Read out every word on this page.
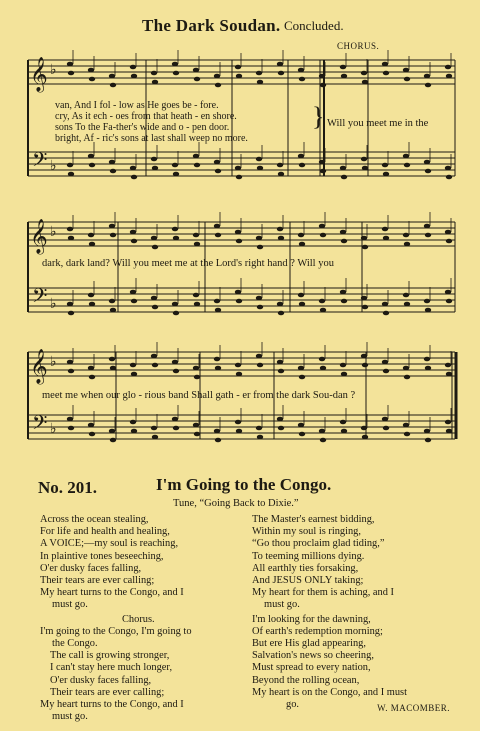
The Dark Soudan. Concluded.
CHORUS.
𝄞
𝄢
𝄞
𝄢
𝄞
𝄢
♭
♭
♭
♭
♭
♭
van, And I fol - low as He goes be - fore.
cry, As it ech - oes from that heath - en shore.
sons To the Fa-ther's wide and o - pen door.
bright, Af - ric's sons at last shall weep no more.
} Will you meet me in the
dark, dark land? Will you meet me at the Lord's right hand ? Will you
meet me when our glo - rious band Shall gath - er from the dark Sou-dan ?
No. 201.	I'm Going to the Congo.
Tune, “Going Back to Dixie.”
Across the ocean stealing,
For life and health and healing,
A VOICE;—my soul is reaching,
In plaintive tones beseeching,
O'er dusky faces falling,
Their tears are ever calling;
My heart turns to the Congo, and I
must go.
Chorus.
I'm going to the Congo, I'm going to
the Congo.
The call is growing stronger,
I can't stay here much longer,
O'er dusky faces falling,
Their tears are ever calling;
My heart turns to the Congo, and I
must go.
The Master's earnest bidding,
Within my soul is ringing,
“Go thou proclaim glad tiding,”
To teeming millions dying.
All earthly ties forsaking,
And JESUS ONLY taking;
My heart for them is aching, and I
must go.
I'm looking for the dawning,
Of earth's redemption morning;
But ere His glad appearing,
Salvation's news so cheering,
Must spread to every nation,
Beyond the rolling ocean,
My heart is on the Congo, and I must
go.	W. MACOMBER.
